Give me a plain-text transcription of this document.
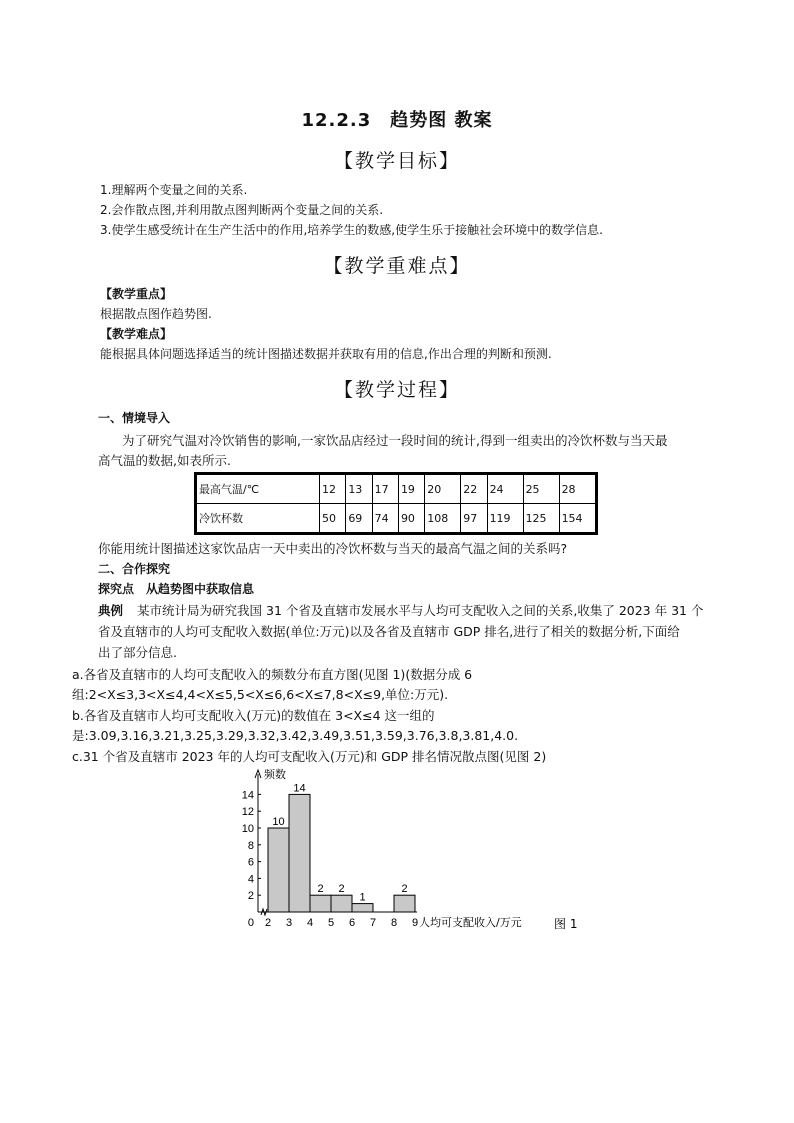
12.2.3　趋势图 教案
【教学目标】
1.理解两个变量之间的关系.
2.会作散点图,并利用散点图判断两个变量之间的关系.
3.使学生感受统计在生产生活中的作用,培养学生的数感,使学生乐于接触社会环境中的数学信息.
【教学重难点】
【教学重点】
根据散点图作趋势图.
【教学难点】
能根据具体问题选择适当的统计图描述数据并获取有用的信息,作出合理的判断和预测.
【教学过程】
一、情境导入
为了研究气温对冷饮销售的影响,一家饮品店经过一段时间的统计,得到一组卖出的冷饮杯数与当天最
高气温的数据,如表所示.
最高气温/℃	12	13	17	19	20	22	24	25	28
冷饮杯数	50	69	74	90	108	97	119	125	154
你能用统计图描述这家饮品店一天中卖出的冷饮杯数与当天的最高气温之间的关系吗?
二、合作探究
探究点　从趋势图中获取信息
典例 某市统计局为研究我国 31 个省及直辖市发展水平与人均可支配收入之间的关系,收集了 2023 年 31 个
省及直辖市的人均可支配收入数据(单位:万元)以及各省及直辖市 GDP 排名,进行了相关的数据分析,下面给
出了部分信息.
a.各省及直辖市的人均可支配收入的频数分布直方图(见图 1)(数据分成 6
组:2<X≤3,3<X≤4,4<X≤5,5<X≤6,6<X≤7,8<X≤9,单位:万元).
b.各省及直辖市人均可支配收入(万元)的数值在 3<X≤4 这一组的
是:3.09,3.16,3.21,3.25,3.29,3.32,3.42,3.49,3.51,3.59,3.76,3.8,3.81,4.0.
c.31 个省及直辖市 2023 年的人均可支配收入(万元)和 GDP 排名情况散点图(见图 2)
10
14
2 2
1
2
2
4
6
8
10
12
14
2 3 4 5 6 7 8 9
0
频数
人均可支配收入/万元	图 1
